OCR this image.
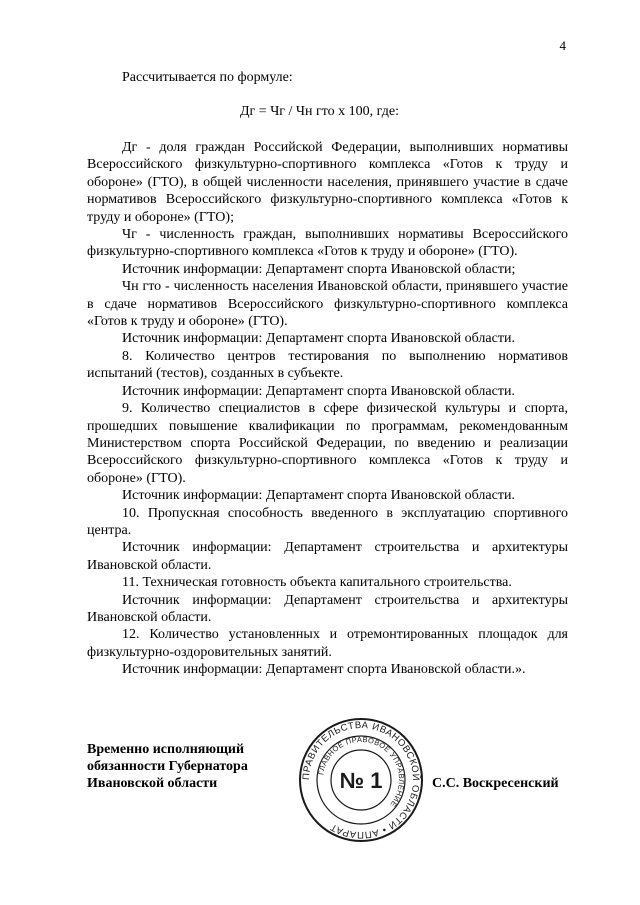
4
Рассчитывается по формуле:
Дг = Чг / Чн гто х 100, где:

Дг - доля граждан Российской Федерации, выполнивших нормативы Всероссийского физкультурно-спортивного комплекса «Готов к труду и обороне» (ГТО), в общей численности населения, принявшего участие в сдаче нормативов Всероссийского физкультурно-спортивного комплекса «Готов к труду и обороне» (ГТО);

Чг - численность граждан, выполнивших нормативы Всероссийского физкультурно-спортивного комплекса «Готов к труду и обороне» (ГТО).

Источник информации: Департамент спорта Ивановской области;

Чн гто - численность населения Ивановской области, принявшего участие в сдаче нормативов Всероссийского физкультурно-спортивного комплекса «Готов к труду и обороне» (ГТО).

Источник информации: Департамент спорта Ивановской области.

8. Количество центров тестирования по выполнению нормативов испытаний (тестов), созданных в субъекте.

Источник информации: Департамент спорта Ивановской области.

9. Количество специалистов в сфере физической культуры и спорта, прошедших повышение квалификации по программам, рекомендованным Министерством спорта Российской Федерации, по введению и реализации Всероссийского физкультурно-спортивного комплекса «Готов к труду и обороне» (ГТО).

Источник информации: Департамент спорта Ивановской области.

10. Пропускная способность введенного в эксплуатацию спортивного центра.

Источник информации: Департамент строительства и архитектуры Ивановской области.

11. Техническая готовность объекта капитального строительства.

Источник информации: Департамент строительства и архитектуры Ивановской области.

12. Количество установленных и отремонтированных площадок для физкультурно-оздоровительных занятий.

Источник информации: Департамент спорта Ивановской области.».

Временно исполняющий
обязанности Губернатора
Ивановской области	ПРАВИТЕЛЬСТВА ИВАНОВСКОЙ ОБЛАСТИ • АППАРАТ
ГЛАВНОЕ ПРАВОВОЕ УПРАВЛЕНИЕ
№ 1	С.С. Воскресенский
